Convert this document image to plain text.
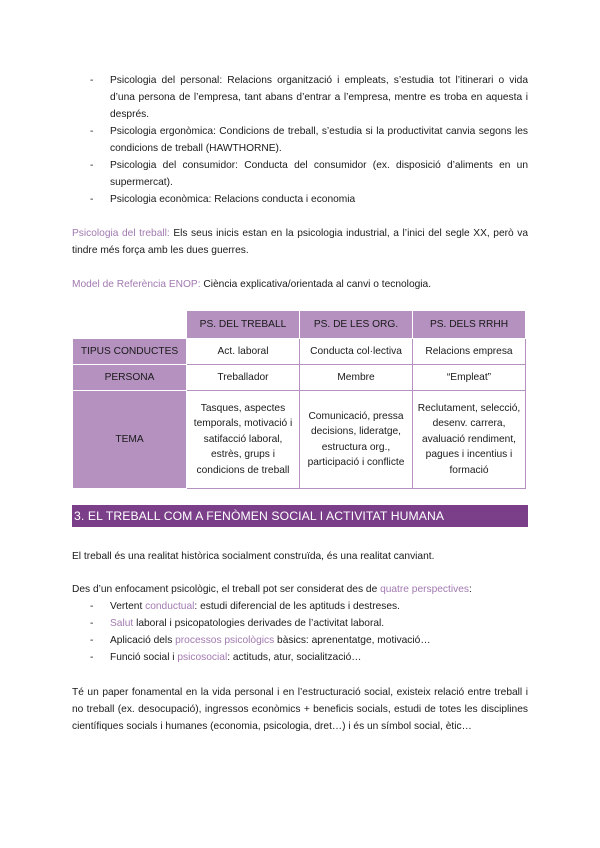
- Psicologia del personal: Relacions organització i empleats, s’estudia tot l’itinerari o vida d’una persona de l’empresa, tant abans d’entrar a l’empresa, mentre es troba en aquesta i després.
- Psicologia ergonòmica: Condicions de treball, s’estudia si la productivitat canvia segons les condicions de treball (HAWTHORNE).
- Psicologia del consumidor: Conducta del consumidor (ex. disposició d’aliments en un supermercat).
- Psicologia econòmica: Relacions conducta i economia

Psicologia del treball: Els seus inicis estan en la psicologia industrial, a l’inici del segle XX, però va tindre més força amb les dues guerres.

Model de Referència ENOP: Ciència explicativa/orientada al canvi o tecnologia.

	PS. DEL TREBALL	PS. DE LES ORG.	PS. DELS RRHH
TIPUS CONDUCTES	Act. laboral	Conducta col·lectiva	Relacions empresa
PERSONA	Treballador	Membre	“Empleat”
TEMA	Tasques, aspectes temporals, motivació i satifacció laboral, estrès, grups i condicions de treball	Comunicació, pressa decisions, lideratge, estructura org., participació i conflicte	Reclutament, selecció, desenv. carrera, avaluació rendiment, pagues i incentius i formació
3. EL TREBALL COM A FENÒMEN SOCIAL I ACTIVITAT HUMANA

El treball és una realitat històrica socialment construïda, és una realitat canviant.

Des d’un enfocament psicològic, el treball pot ser considerat des de quatre perspectives:

- Vertent conductual: estudi diferencial de les aptituds i destreses.
- Salut laboral i psicopatologies derivades de l’activitat laboral.
- Aplicació dels processos psicològics bàsics: aprenentatge, motivació…
- Funció social i psicosocial: actituds, atur, socialització…

Té un paper fonamental en la vida personal i en l’estructuració social, existeix relació entre treball i no treball (ex. desocupació), ingressos econòmics + beneficis socials, estudi de totes les disciplines científiques socials i humanes (economia, psicologia, dret…) i és un símbol social, ètic…
